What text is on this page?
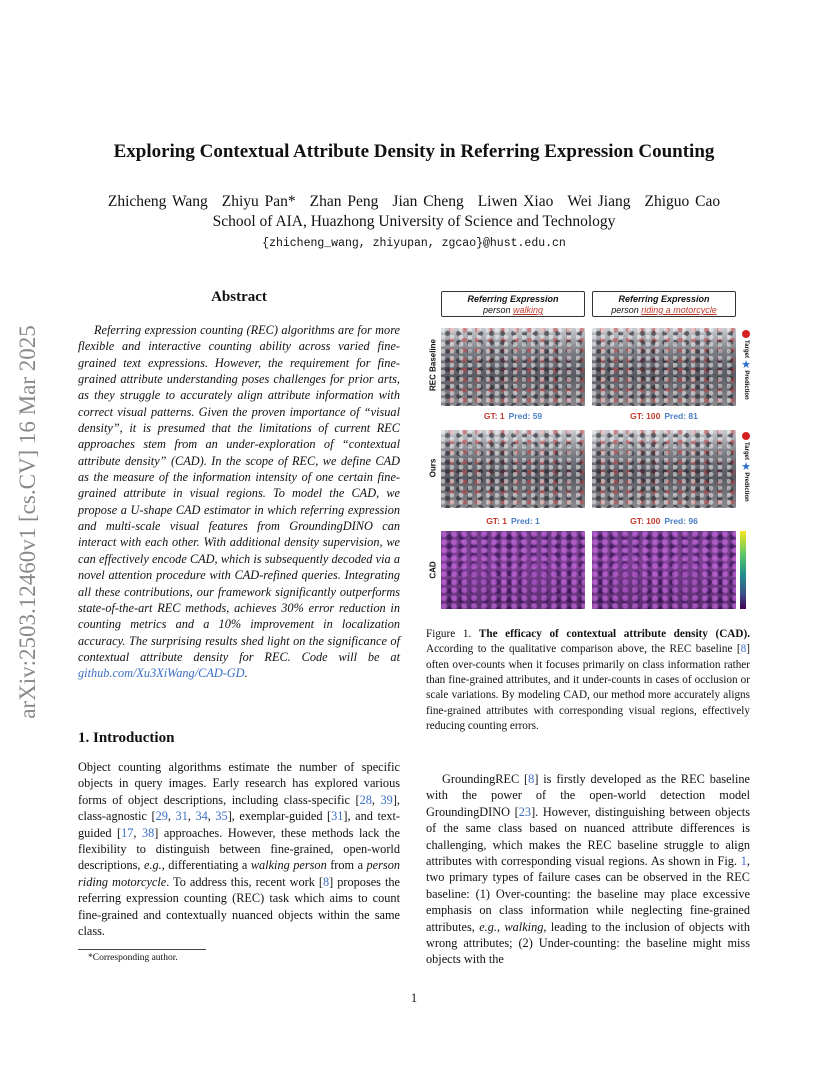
arXiv:2503.12460v1 [cs.CV] 16 Mar 2025
Exploring Contextual Attribute Density in Referring Expression Counting
Zhicheng Wang Zhiyu Pan* Zhan Peng Jian Cheng Liwen Xiao Wei Jiang Zhiguo Cao
School of AIA, Huazhong University of Science and Technology
{zhicheng_wang, zhiyupan, zgcao}@hust.edu.cn
Abstract

Referring expression counting (REC) algorithms are for more flexible and interactive counting ability across varied fine-grained text expressions. However, the requirement for fine-grained attribute understanding poses challenges for prior arts, as they struggle to accurately align attribute information with correct visual patterns. Given the proven importance of “visual density”, it is presumed that the limitations of current REC approaches stem from an under-exploration of “contextual attribute density” (CAD). In the scope of REC, we define CAD as the measure of the information intensity of one certain fine-grained attribute in visual regions. To model the CAD, we propose a U-shape CAD estimator in which referring expression and multi-scale visual features from GroundingDINO can interact with each other. With additional density supervision, we can effectively encode CAD, which is subsequently decoded via a novel attention procedure with CAD-refined queries. Integrating all these contributions, our framework significantly outperforms state-of-the-art REC methods, achieves 30% error reduction in counting metrics and a 10% improvement in localization accuracy. The surprising results shed light on the significance of contextual attribute density for REC. Code will be at github.com/Xu3XiWang/CAD-GD.

1. Introduction

Object counting algorithms estimate the number of specific objects in query images. Early research has explored various forms of object descriptions, including class-specific [28, 39], class-agnostic [29, 31, 34, 35], exemplar-guided [31], and text-guided [17, 38] approaches. However, these methods lack the flexibility to distinguish between fine-grained, open-world descriptions, e.g., differentiating a walking person from a person riding motorcycle. To address this, recent work [8] proposes the referring expression counting (REC) task which aims to count fine-grained and contextually nuanced objects within the same class.

*Corresponding author.
1
Referring Expression
person walking
Referring Expression
person riding a motorcycle
REC Baseline	Target
★
Prediction
GT: 1 Pred: 59	GT: 100 Pred: 81
Ours
Target
★
Prediction
GT: 1 Pred: 1	GT: 100 Pred: 96
CAD

Figure 1. The efficacy of contextual attribute density (CAD). According to the qualitative comparison above, the REC baseline [8] often over-counts when it focuses primarily on class information rather than fine-grained attributes, and it under-counts in cases of occlusion or scale variations. By modeling CAD, our method more accurately aligns fine-grained attributes with corresponding visual regions, effectively reducing counting errors.

GroundingREC [8] is firstly developed as the REC baseline with the power of the open-world detection model GroundingDINO [23]. However, distinguishing between objects of the same class based on nuanced attribute differences is challenging, which makes the REC baseline struggle to align attributes with corresponding visual regions. As shown in Fig. 1, two primary types of failure cases can be observed in the REC baseline: (1) Over-counting: the baseline may place excessive emphasis on class information while neglecting fine-grained attributes, e.g., walking, leading to the inclusion of objects with wrong attributes; (2) Under-counting: the baseline might miss objects with the
